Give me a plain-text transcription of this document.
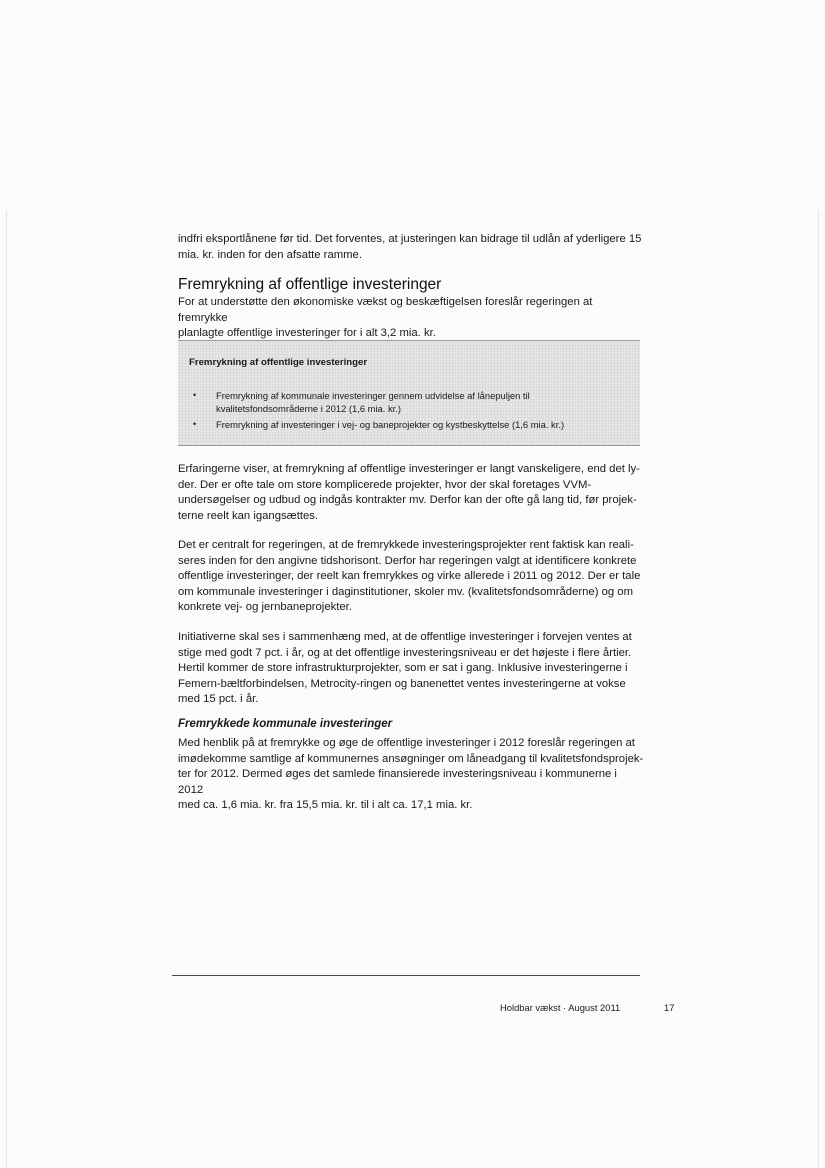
indfri eksportlånene før tid. Det forventes, at justeringen kan bidrage til udlån af yderligere 15
mia. kr. inden for den afsatte ramme.

Fremrykning af offentlige investeringer

For at understøtte den økonomiske vækst og beskæftigelsen foreslår regeringen at fremrykke
planlagte offentlige investeringer for i alt 3,2 mia. kr.

Fremrykning af offentlige investeringer

• Fremrykning af kommunale investeringer gennem udvidelse af lånepuljen til kvalitetsfondsområderne i 2012 (1,6 mia. kr.)
• Fremrykning af investeringer i vej- og baneprojekter og kystbeskyttelse (1,6 mia. kr.)

Erfaringerne viser, at fremrykning af offentlige investeringer er langt vanskeligere, end det ly-
der. Der er ofte tale om store komplicerede projekter, hvor der skal foretages VVM-
undersøgelser og udbud og indgås kontrakter mv. Derfor kan der ofte gå lang tid, før projek-
terne reelt kan igangsættes.

Det er centralt for regeringen, at de fremrykkede investeringsprojekter rent faktisk kan reali-
seres inden for den angivne tidshorisont. Derfor har regeringen valgt at identificere konkrete
offentlige investeringer, der reelt kan fremrykkes og virke allerede i 2011 og 2012. Der er tale
om kommunale investeringer i daginstitutioner, skoler mv. (kvalitetsfondsområderne) og om
konkrete vej- og jernbaneprojekter.

Initiativerne skal ses i sammenhæng med, at de offentlige investeringer i forvejen ventes at
stige med godt 7 pct. i år, og at det offentlige investeringsniveau er det højeste i flere årtier.
Hertil kommer de store infrastrukturprojekter, som er sat i gang. Inklusive investeringerne i
Femern-bæltforbindelsen, Metrocity-ringen og banenettet ventes investeringerne at vokse
med 15 pct. i år.

Fremrykkede kommunale investeringer

Med henblik på at fremrykke og øge de offentlige investeringer i 2012 foreslår regeringen at
imødekomme samtlige af kommunernes ansøgninger om låneadgang til kvalitetsfondsprojek-
ter for 2012. Dermed øges det samlede finansierede investeringsniveau i kommunerne i 2012
med ca. 1,6 mia. kr. fra 15,5 mia. kr. til i alt ca. 17,1 mia. kr.

Holdbar vækst · August 2011	17
